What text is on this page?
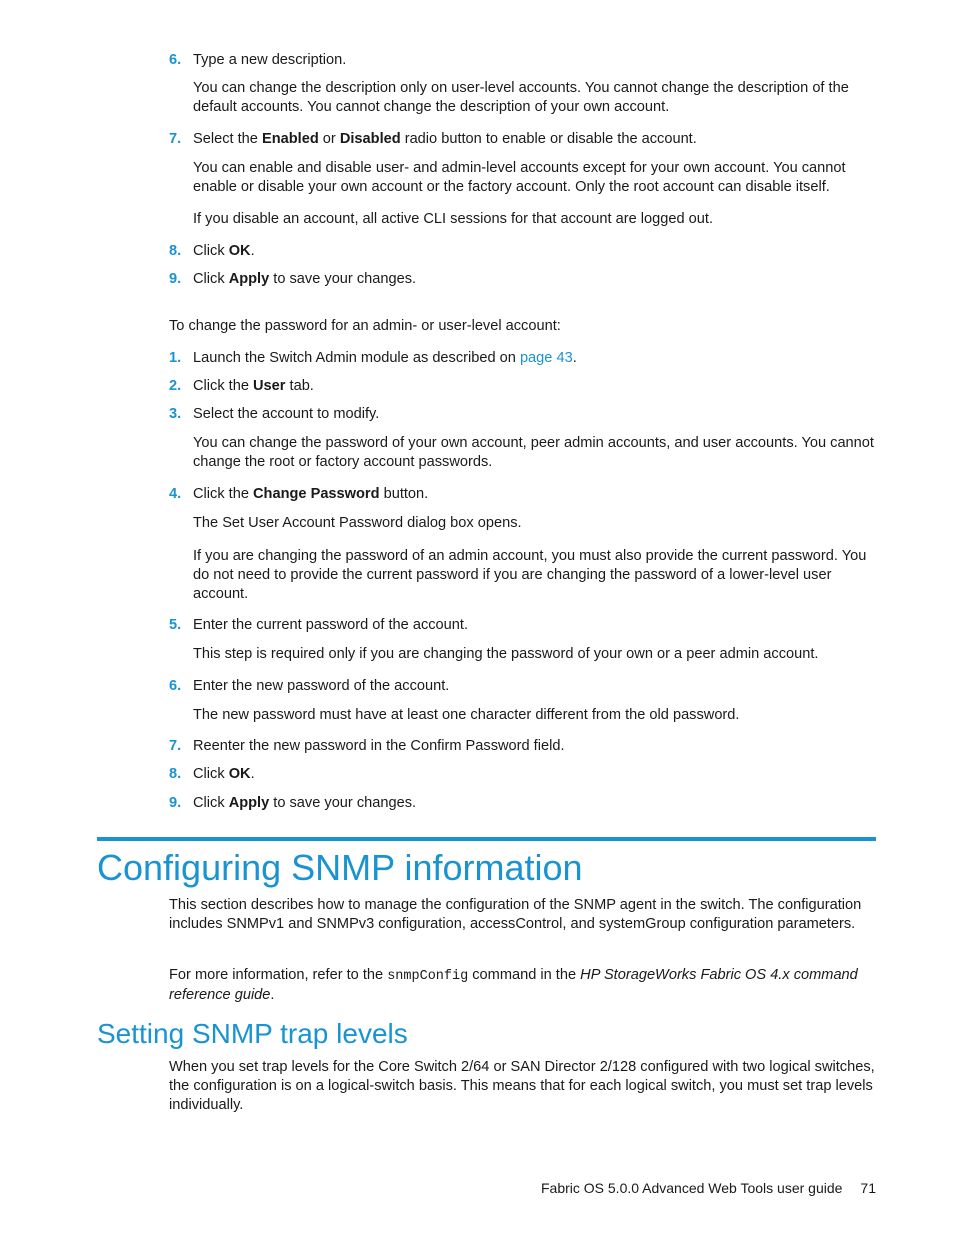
6. Type a new description.
You can change the description only on user-level accounts. You cannot change the description of the default accounts. You cannot change the description of your own account.
7. Select the Enabled or Disabled radio button to enable or disable the account.
You can enable and disable user- and admin-level accounts except for your own account. You cannot enable or disable your own account or the factory account. Only the root account can disable itself.
If you disable an account, all active CLI sessions for that account are logged out.
8. Click OK.
9. Click Apply to save your changes.
To change the password for an admin- or user-level account:
1. Launch the Switch Admin module as described on page 43.
2. Click the User tab.
3. Select the account to modify.
You can change the password of your own account, peer admin accounts, and user accounts. You cannot change the root or factory account passwords.
4. Click the Change Password button.
The Set User Account Password dialog box opens.
If you are changing the password of an admin account, you must also provide the current password. You do not need to provide the current password if you are changing the password of a lower-level user account.
5. Enter the current password of the account.
This step is required only if you are changing the password of your own or a peer admin account.
6. Enter the new password of the account.
The new password must have at least one character different from the old password.
7. Reenter the new password in the Confirm Password field.
8. Click OK.
9. Click Apply to save your changes.
Configuring SNMP information
This section describes how to manage the configuration of the SNMP agent in the switch. The configuration includes SNMPv1 and SNMPv3 configuration, accessControl, and systemGroup configuration parameters.
For more information, refer to the snmpConfig command in the HP StorageWorks Fabric OS 4.x command reference guide.
Setting SNMP trap levels
When you set trap levels for the Core Switch 2/64 or SAN Director 2/128 configured with two logical switches, the configuration is on a logical-switch basis. This means that for each logical switch, you must set trap levels individually.
Fabric OS 5.0.0 Advanced Web Tools user guide 71
